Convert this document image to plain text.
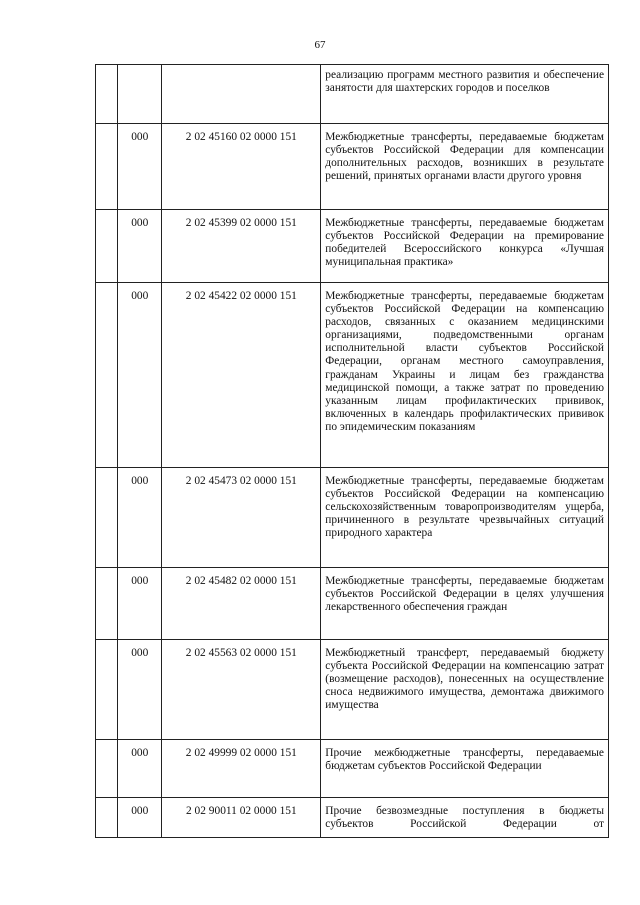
67

			реализацию программ местного развития и обеспечение занятости для шахтерских городов и поселков

	000	2 02 45160 02 0000 151	Межбюджетные трансферты, передаваемые бюджетам субъектов Российской Федерации для компенсации дополнительных расходов, возникших в результате решений, принятых органами власти другого уровня

	000	2 02 45399 02 0000 151	Межбюджетные трансферты, передаваемые бюджетам субъектов Российской Федерации на премирование победителей Всероссийского конкурса «Лучшая муниципальная практика»

	000	2 02 45422 02 0000 151	Межбюджетные трансферты, передаваемые бюджетам субъектов Российской Федерации на компенсацию расходов, связанных с оказанием медицинскими организациями, подведомственными органам исполнительной власти субъектов Российской Федерации, органам местного самоуправления, гражданам Украины и лицам без гражданства медицинской помощи, а также затрат по проведению указанным лицам профилактических прививок, включенных в календарь профилактических прививок по эпидемическим показаниям

	000	2 02 45473 02 0000 151	Межбюджетные трансферты, передаваемые бюджетам субъектов Российской Федерации на компенсацию сельскохозяйственным товаропроизводителям ущерба, причиненного в результате чрезвычайных ситуаций природного характера

	000	2 02 45482 02 0000 151	Межбюджетные трансферты, передаваемые бюджетам субъектов Российской Федерации в целях улучшения лекарственного обеспечения граждан

	000	2 02 45563 02 0000 151	Межбюджетный трансферт, передаваемый бюджету субъекта Российской Федерации на компенсацию затрат (возмещение расходов), понесенных на осуществление сноса недвижимого имущества, демонтажа движимого имущества

	000	2 02 49999 02 0000 151	Прочие межбюджетные трансферты, передаваемые бюджетам субъектов Российской Федерации

	000	2 02 90011 02 0000 151	Прочие безвозмездные поступления в бюджеты субъектов Российской Федерации от
